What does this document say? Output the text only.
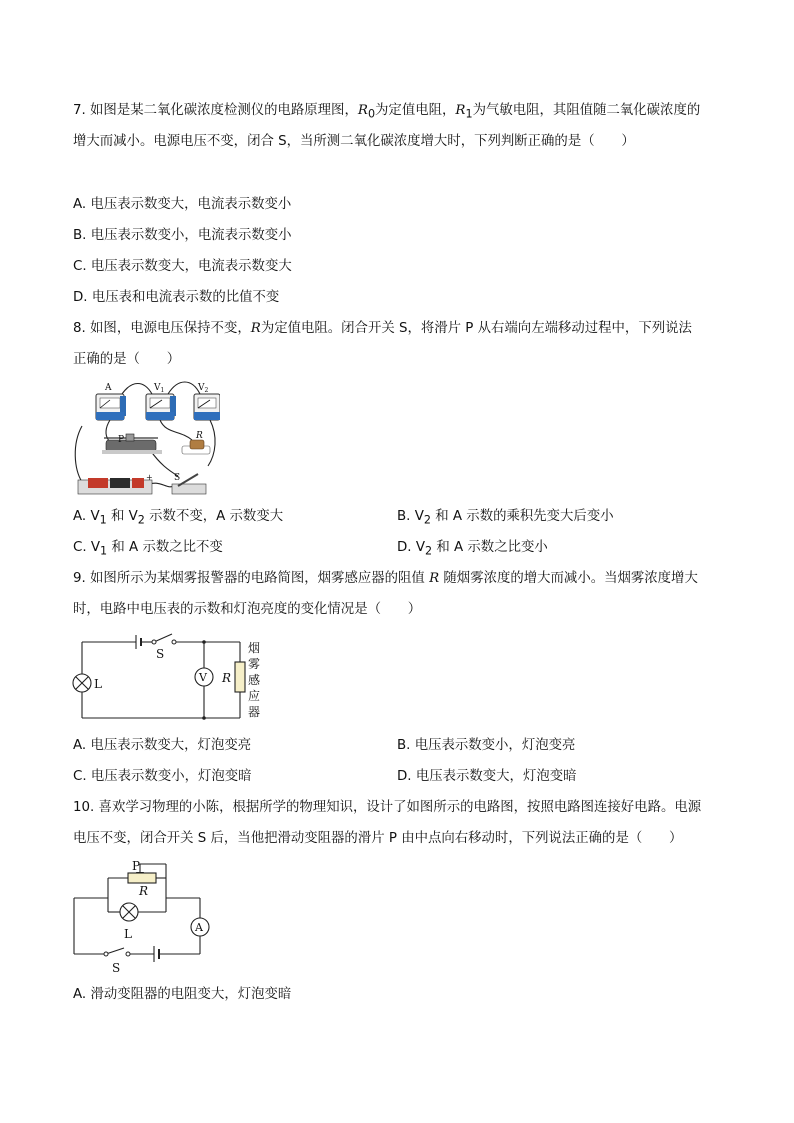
7. 如图是某二氧化碳浓度检测仪的电路原理图，$R_0$为定值电阻，$R_1$为气敏电阻，其阻值随二氧化碳浓度的
增大而减小。电源电压不变，闭合 S，当所测二氧化碳浓度增大时，下列判断正确的是（　　）
A. 电压表示数变大，电流表示数变小
B. 电压表示数变小，电流表示数变小
C. 电压表示数变大，电流表示数变大
D. 电压表和电流表示数的比值不变
8. 如图，电源电压保持不变，R为定值电阻。闭合开关 S，将滑片 P 从右端向左端移动过程中，下列说法
正确的是（　　）
A	$V_1$	$V_2$
P	R
+ S
A. $V_1$ 和 $V_2$ 示数不变，A 示数变大	B. $V_2$ 和 A 示数的乘积先变大后变小
C. $V_1$ 和 A 示数之比不变	D. $V_2$ 和 A 示数之比变小
9. 如图所示为某烟雾报警器的电路简图，烟雾感应器的阻值 R 随烟雾浓度的增大而减小。当烟雾浓度增大
时，电路中电压表的示数和灯泡亮度的变化情况是（　　）
S
L	V R
烟
雾
感
应
器
A. 电压表示数变大，灯泡变亮	B. 电压表示数变小，灯泡变亮
C. 电压表示数变小，灯泡变暗	D. 电压表示数变大，灯泡变暗
10. 喜欢学习物理的小陈，根据所学的物理知识，设计了如图所示的电路图，按照电路图连接好电路。电源
电压不变，闭合开关 S 后，当他把滑动变阻器的滑片 P 由中点向右移动时，下列说法正确的是（　　）
P
R
L	A
S
A. 滑动变阻器的电阻变大，灯泡变暗
